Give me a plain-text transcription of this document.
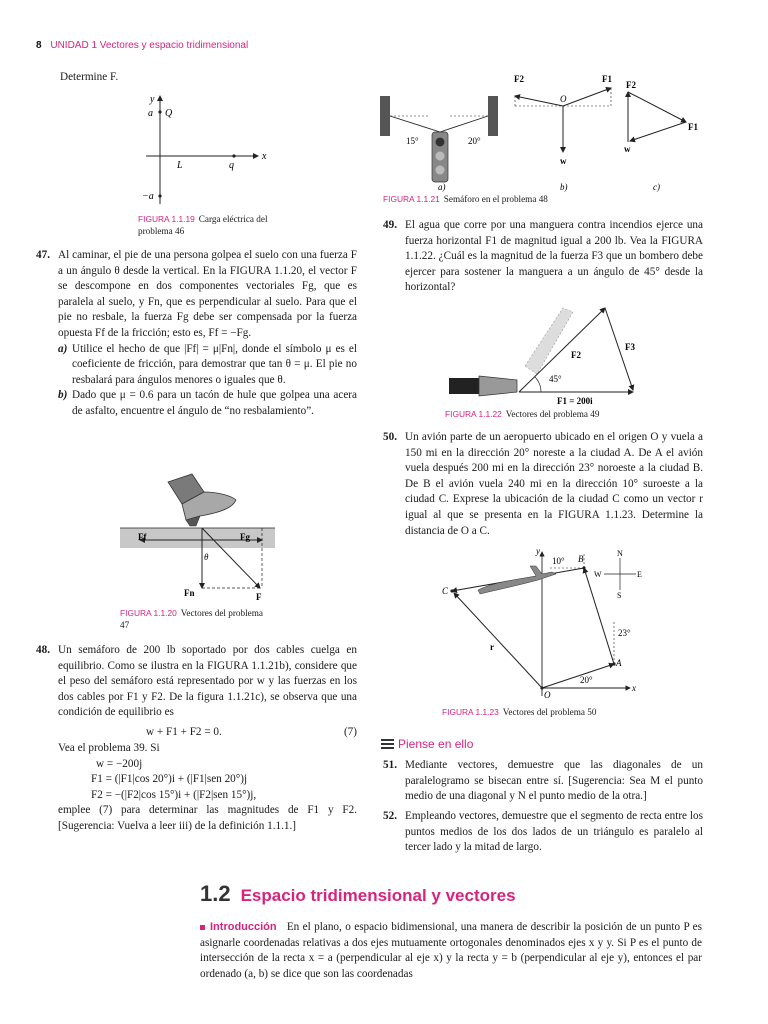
8 UNIDAD 1 Vectores y espacio tridimensional
Determine F.
y
x
a Q
L	q
−a
FIGURA 1.1.19 Carga eléctrica del problema 46
47. Al caminar, el pie de una persona golpea el suelo con una fuerza F a un ángulo θ desde la vertical. En la FIGURA 1.1.20, el vector F se descompone en dos componentes vectoriales Fg, que es paralela al suelo, y Fn, que es perpendicular al suelo. Para que el pie no resbale, la fuerza Fg debe ser compensada por la fuerza opuesta Ff de la fricción; esto es, Ff = −Fg.
a) Utilice el hecho de que |Ff| = μ|Fn|, donde el símbolo μ es el coeficiente de fricción, para demostrar que tan θ = μ. El pie no resbalará para ángulos menores o iguales que θ.
b) Dado que μ = 0.6 para un tacón de hule que golpea una acera de asfalto, encuentre el ángulo de “no resbalamiento”.
Ff	Fg
θ
Fn	F
FIGURA 1.1.20 Vectores del problema 47
48. Un semáforo de 200 lb soportado por dos cables cuelga en equilibrio. Como se ilustra en la FIGURA 1.1.21b), considere que el peso del semáforo está representado por w y las fuerzas en los dos cables por F1 y F2. De la figura 1.1.21c), se observa que una condición de equilibrio es
w + F1 + F2 = 0.	(7)
Vea el problema 39. Si
w = −200j
F1 = (|F1|cos 20°)i + (|F1|sen 20°)j
F2 = −(|F2|cos 15°)i + (|F2|sen 15°)j,
emplee (7) para determinar las magnitudes de F1 y F2. [Sugerencia: Vuelva a leer iii) de la definición 1.1.1.]
15°	20°
a)
F2	F1
O
w
b)
F2
F1
w
c)
FIGURA 1.1.21 Semáforo en el problema 48
49. El agua que corre por una manguera contra incendios ejerce una fuerza horizontal F1 de magnitud igual a 200 lb. Vea la FIGURA 1.1.22. ¿Cuál es la magnitud de la fuerza F3 que un bombero debe ejercer para sostener la manguera a un ángulo de 45° desde la horizontal?
F3
F2
45°
F1 = 200i
FIGURA 1.1.22 Vectores del problema 49
50. Un avión parte de un aeropuerto ubicado en el origen O y vuela a 150 mi en la dirección 20° noreste a la ciudad A. De A el avión vuela después 200 mi en la dirección 23° noroeste a la ciudad B. De B el avión vuela 240 mi en la dirección 10° suroeste a la ciudad C. Exprese la ubicación de la ciudad C como un vector r igual al que se presenta en la FIGURA 1.1.23. Determine la distancia de O a C.
y
10° B
N
W	E
S
C
23°
r
A
20°
x
O
FIGURA 1.1.23 Vectores del problema 50
Piense en ello
51. Mediante vectores, demuestre que las diagonales de un paralelogramo se bisecan entre sí. [Sugerencia: Sea M el punto medio de una diagonal y N el punto medio de la otra.]
52. Empleando vectores, demuestre que el segmento de recta entre los puntos medios de los dos lados de un triángulo es paralelo al tercer lado y la mitad de largo.
1.2 Espacio tridimensional y vectores
Introducción En el plano, o espacio bidimensional, una manera de describir la posición de un punto P es asignarle coordenadas relativas a dos ejes mutuamente ortogonales denominados ejes x y y. Si P es el punto de intersección de la recta x = a (perpendicular al eje x) y la recta y = b (perpendicular al eje y), entonces el par ordenado (a, b) se dice que son las coordenadas
